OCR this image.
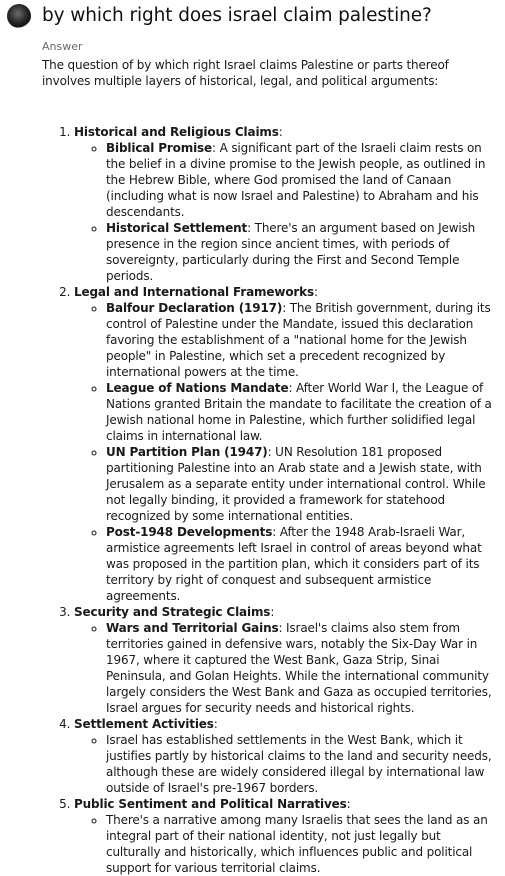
by which right does israel claim palestine?
Answer

The question of by which right Israel claims Palestine or parts thereof involves multiple layers of historical, legal, and political arguments:

1. Historical and Religious Claims:
◦ Biblical Promise: A significant part of the Israeli claim rests on the belief in a divine promise to the Jewish people, as outlined in the Hebrew Bible, where God promised the land of Canaan (including what is now Israel and Palestine) to Abraham and his descendants.
◦ Historical Settlement: There's an argument based on Jewish presence in the region since ancient times, with periods of sovereignty, particularly during the First and Second Temple periods.
2. Legal and International Frameworks:
◦ Balfour Declaration (1917): The British government, during its control of Palestine under the Mandate, issued this declaration favoring the establishment of a "national home for the Jewish people" in Palestine, which set a precedent recognized by international powers at the time.
◦ League of Nations Mandate: After World War I, the League of Nations granted Britain the mandate to facilitate the creation of a Jewish national home in Palestine, which further solidified legal claims in international law.
◦ UN Partition Plan (1947): UN Resolution 181 proposed partitioning Palestine into an Arab state and a Jewish state, with Jerusalem as a separate entity under international control. While not legally binding, it provided a framework for statehood recognized by some international entities.
◦ Post-1948 Developments: After the 1948 Arab-Israeli War, armistice agreements left Israel in control of areas beyond what was proposed in the partition plan, which it considers part of its territory by right of conquest and subsequent armistice agreements.
3. Security and Strategic Claims:
◦ Wars and Territorial Gains: Israel's claims also stem from territories gained in defensive wars, notably the Six-Day War in 1967, where it captured the West Bank, Gaza Strip, Sinai Peninsula, and Golan Heights. While the international community largely considers the West Bank and Gaza as occupied territories, Israel argues for security needs and historical rights.
4. Settlement Activities:
◦ Israel has established settlements in the West Bank, which it justifies partly by historical claims to the land and security needs, although these are widely considered illegal by international law outside of Israel's pre-1967 borders.
5. Public Sentiment and Political Narratives:
◦ There's a narrative among many Israelis that sees the land as an integral part of their national identity, not just legally but culturally and historically, which influences public and political support for various territorial claims.
